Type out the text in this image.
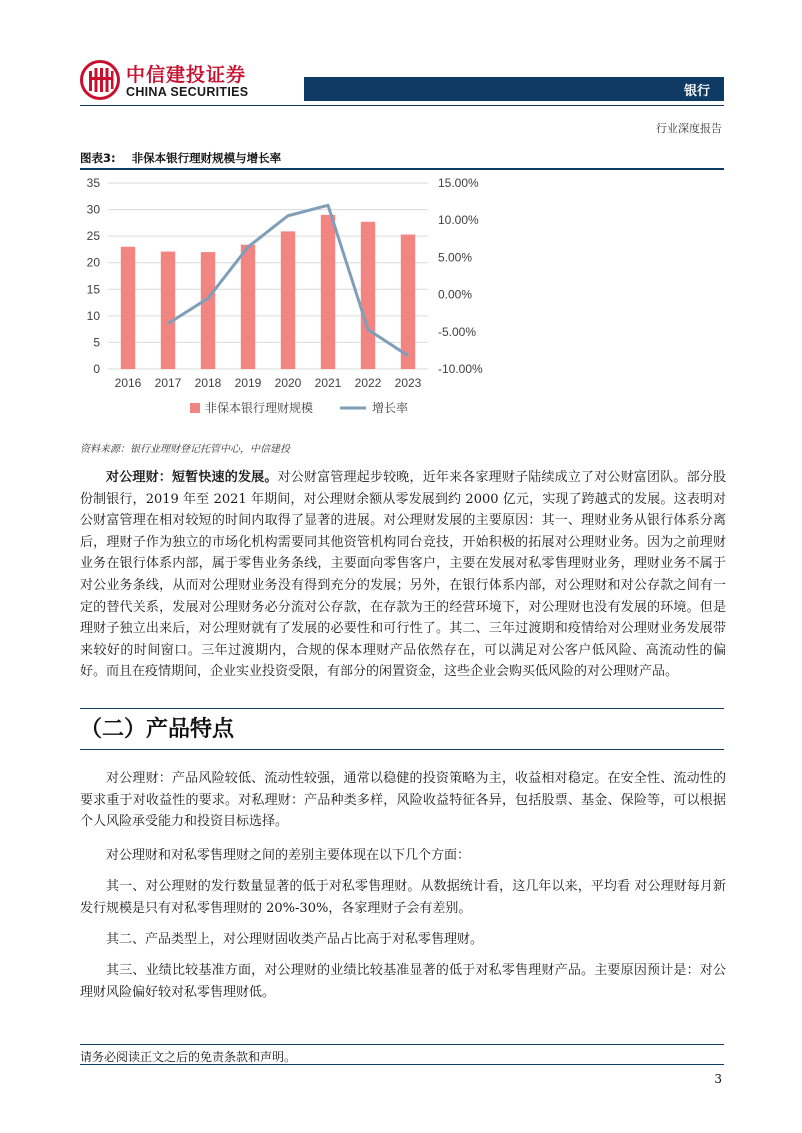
中信建投证券
CHINA SECURITIES	银行
行业深度报告
图表3: 非保本银行理财规模与增长率
0
5
10
15
20
25
30
35
-10.00%
-5.00%
0.00%
5.00%
10.00%
15.00%
2016 2017 2018 2019 2020 2021 2022 2023
非保本银行理财规模	增长率
资料来源：银行业理财登记托管中心，中信建投
对公理财：短暂快速的发展。对公财富管理起步较晚，近年来各家理财子陆续成立了对公财富团队。部分股份制银行，2019 年至 2021 年期间，对公理财余额从零发展到约 2000 亿元，实现了跨越式的发展。这表明对公财富管理在相对较短的时间内取得了显著的进展。对公理财发展的主要原因：其一、理财业务从银行体系分离后，理财子作为独立的市场化机构需要同其他资管机构同台竞技，开始积极的拓展对公理财业务。因为之前理财业务在银行体系内部，属于零售业务条线，主要面向零售客户，主要在发展对私零售理财业务，理财业务不属于对公业务条线，从而对公理财业务没有得到充分的发展；另外，在银行体系内部，对公理财和对公存款之间有一定的替代关系，发展对公理财务必分流对公存款，在存款为王的经营环境下，对公理财也没有发展的环境。但是理财子独立出来后，对公理财就有了发展的必要性和可行性了。其二、三年过渡期和疫情给对公理财业务发展带来较好的时间窗口。三年过渡期内，合规的保本理财产品依然存在，可以满足对公客户低风险、高流动性的偏好。而且在疫情期间，企业实业投资受限，有部分的闲置资金，这些企业会购买低风险的对公理财产品。
（二）产品特点
对公理财：产品风险较低、流动性较强，通常以稳健的投资策略为主，收益相对稳定。在安全性、流动性的要求重于对收益性的要求。对私理财：产品种类多样，风险收益特征各异，包括股票、基金、保险等，可以根据个人风险承受能力和投资目标选择。
对公理财和对私零售理财之间的差别主要体现在以下几个方面：
其一、对公理财的发行数量显著的低于对私零售理财。从数据统计看，这几年以来，平均看 对公理财每月新发行规模是只有对私零售理财的 20%-30%，各家理财子会有差别。
其二、产品类型上，对公理财固收类产品占比高于对私零售理财。
其三、业绩比较基准方面，对公理财的业绩比较基准显著的低于对私零售理财产品。主要原因预计是：对公理财风险偏好较对私零售理财低。
请务必阅读正文之后的免责条款和声明。
3
